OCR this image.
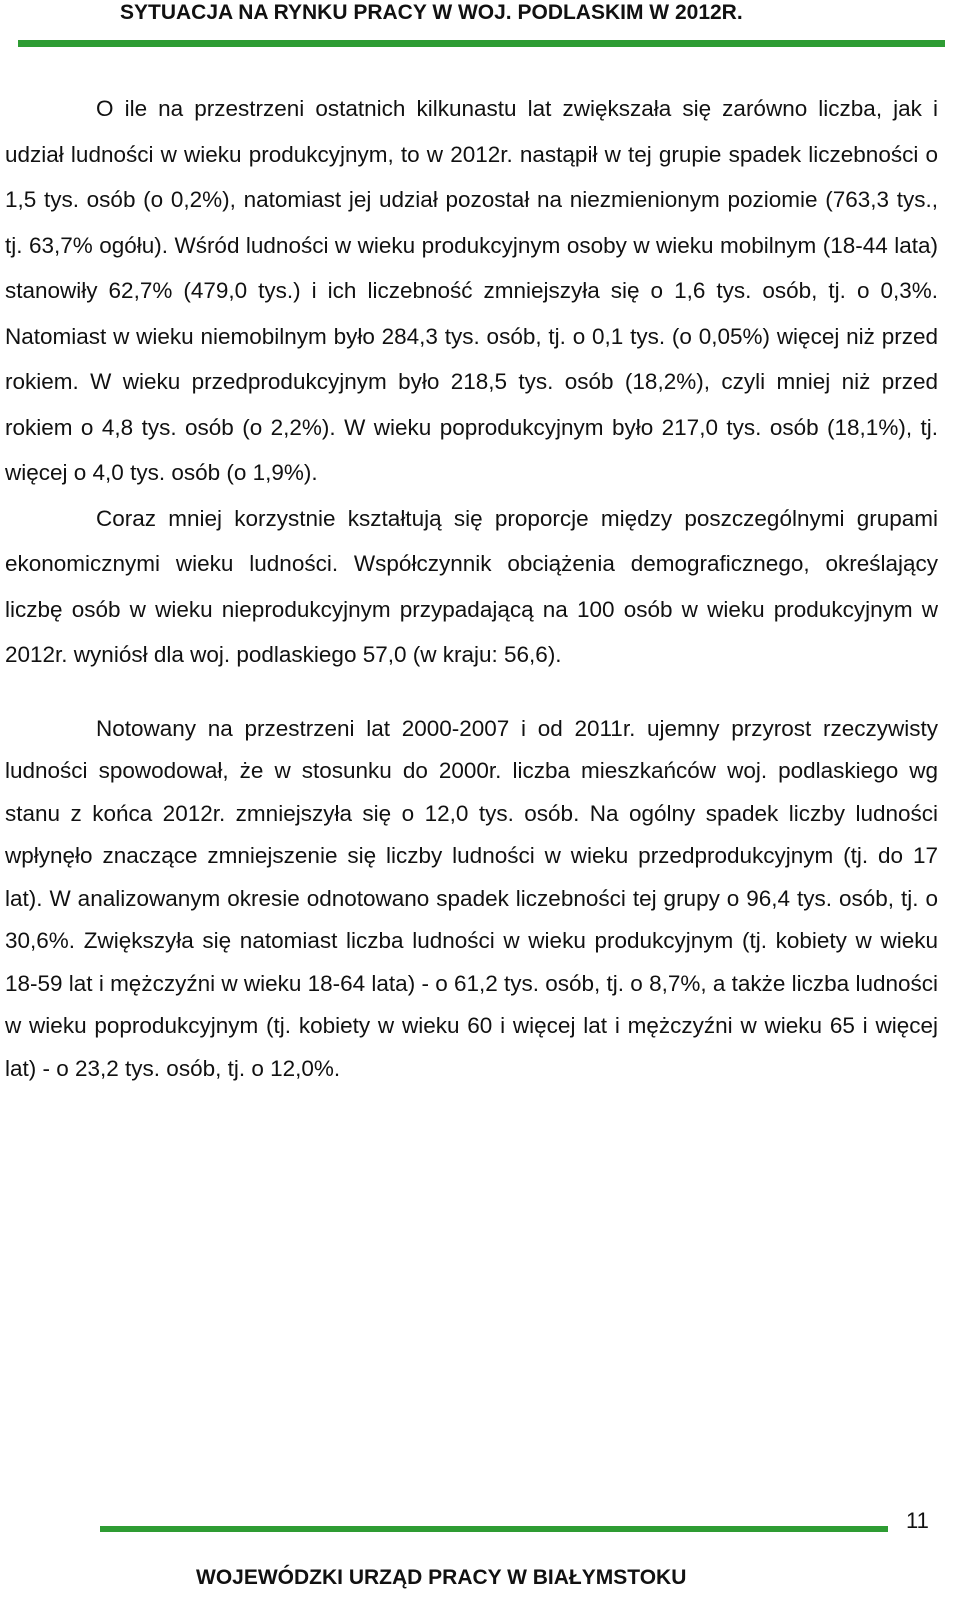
SYTUACJA NA RYNKU PRACY W WOJ. PODLASKIM W 2012R.

O ile na przestrzeni ostatnich kilkunastu lat zwiększała się zarówno liczba, jak i udział ludności w wieku produkcyjnym, to w 2012r. nastąpił w tej grupie spadek liczebności o 1,5 tys. osób (o 0,2%), natomiast jej udział pozostał na niezmienionym poziomie (763,3 tys., tj. 63,7% ogółu). Wśród ludności w wieku produkcyjnym osoby w wieku mobilnym (18-44 lata) stanowiły 62,7% (479,0 tys.) i ich liczebność zmniejszyła się o 1,6 tys. osób, tj. o 0,3%. Natomiast w wieku niemobilnym było 284,3 tys. osób, tj. o 0,1 tys. (o 0,05%) więcej niż przed rokiem. W wieku przedprodukcyjnym było 218,5 tys. osób (18,2%), czyli mniej niż przed rokiem o 4,8 tys. osób (o 2,2%). W wieku poprodukcyjnym było 217,0 tys. osób (18,1%), tj. więcej o 4,0 tys. osób (o 1,9%).

Coraz mniej korzystnie kształtują się proporcje między poszczególnymi grupami ekonomicznymi wieku ludności. Współczynnik obciążenia demograficznego, określający liczbę osób w wieku nieprodukcyjnym przypadającą na 100 osób w wieku produkcyjnym w 2012r. wyniósł dla woj. podlaskiego 57,0 (w kraju: 56,6).

Notowany na przestrzeni lat 2000-2007 i od 2011r. ujemny przyrost rzeczywisty ludności spowodował, że w stosunku do 2000r. liczba mieszkańców woj. podlaskiego wg stanu z końca 2012r. zmniejszyła się o 12,0 tys. osób. Na ogólny spadek liczby ludności wpłynęło znaczące zmniejszenie się liczby ludności w wieku przedprodukcyjnym (tj. do 17 lat). W analizowanym okresie odnotowano spadek liczebności tej grupy o 96,4 tys. osób, tj. o 30,6%. Zwiększyła się natomiast liczba ludności w wieku produkcyjnym (tj. kobiety w wieku 18-59 lat i mężczyźni w wieku 18-64 lata) - o 61,2 tys. osób, tj. o 8,7%, a także liczba ludności w wieku poprodukcyjnym (tj. kobiety w wieku 60 i więcej lat i mężczyźni w wieku 65 i więcej lat) - o 23,2 tys. osób, tj. o 12,0%.

11
WOJEWÓDZKI URZĄD PRACY W BIAŁYMSTOKU
